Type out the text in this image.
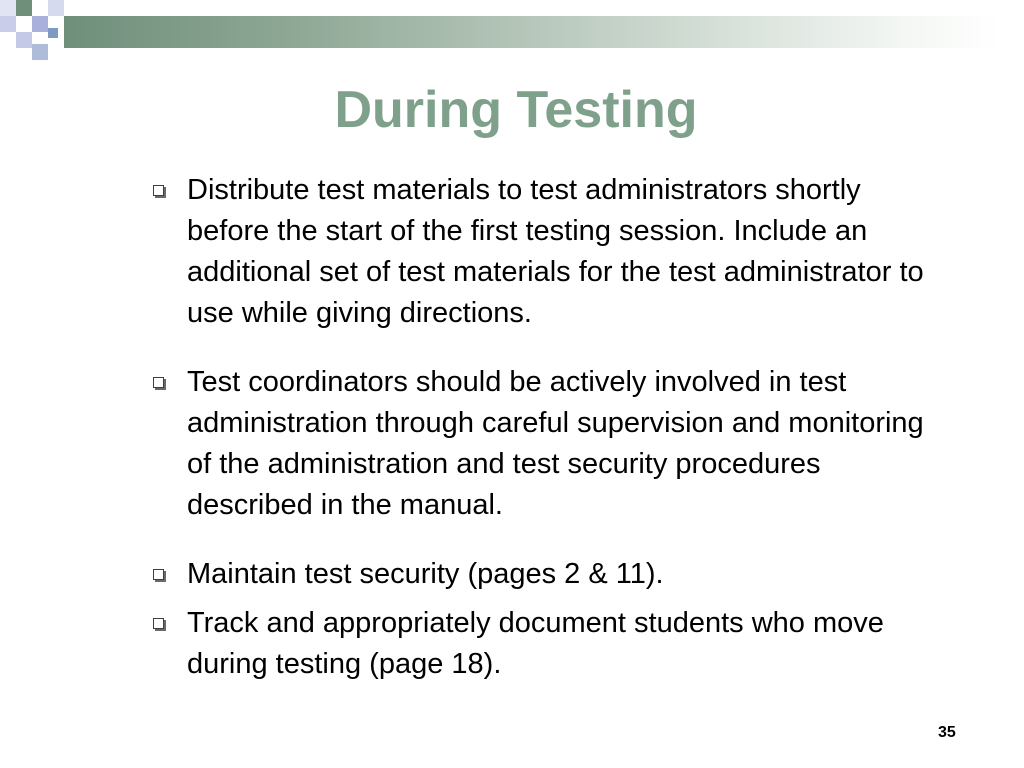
During Testing
Distribute test materials to test administrators shortly before the start of the first testing session. Include an additional set of test materials for the test administrator to use while giving directions.
Test coordinators should be actively involved in test administration through careful supervision and monitoring of the administration and test security procedures described in the manual.
Maintain test security (pages 2 & 11).
Track and appropriately document students who move during testing (page 18).
35
